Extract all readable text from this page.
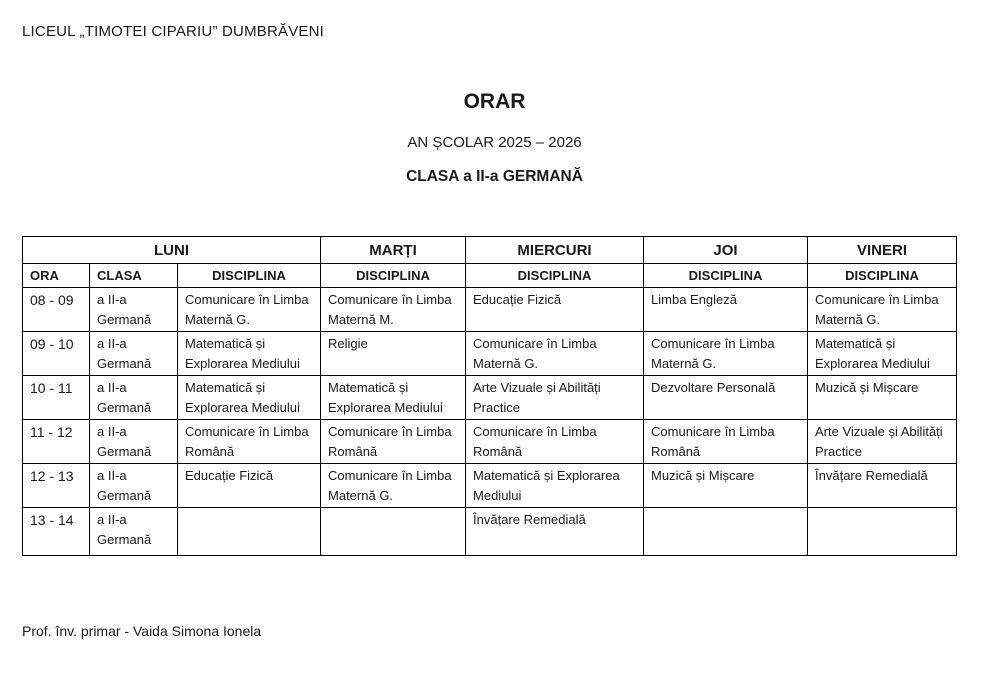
LICEUL „TIMOTEI CIPARIU” DUMBRĂVENI
ORAR
AN ȘCOLAR 2025 – 2026
CLASA a II-a GERMANĂ
LUNI			MARȚI	MIERCURI	JOI	VINERI
ORA	CLASA	DISCIPLINA	DISCIPLINA	DISCIPLINA	DISCIPLINA	DISCIPLINA
08 - 09	a II-a Germană	Comunicare în Limba Maternă G.	Comunicare în Limba Maternă M.	Educație Fizică	Limba Engleză	Comunicare în Limba Maternă G.
09 - 10	a II-a Germană	Matematică și Explorarea Mediului	Religie	Comunicare în Limba Maternă G.	Comunicare în Limba Maternă G.	Matematică și Explorarea Mediului
10 - 11	a II-a Germană	Matematică și Explorarea Mediului	Matematică și Explorarea Mediului	Arte Vizuale și Abilități Practice	Dezvoltare Personală	Muzică și Mișcare
11 - 12	a II-a Germană	Comunicare în Limba Română	Comunicare în Limba Română	Comunicare în Limba Română	Comunicare în Limba Română	Arte Vizuale și Abilități Practice
12 - 13	a II-a Germană	Educație Fizică	Comunicare în Limba Maternă G.	Matematică și Explorarea Mediului	Muzică și Mișcare	Învățare Remedială
13 - 14	a II-a Germană			Învățare Remedială		
Prof. înv. primar - Vaida Simona Ionela
